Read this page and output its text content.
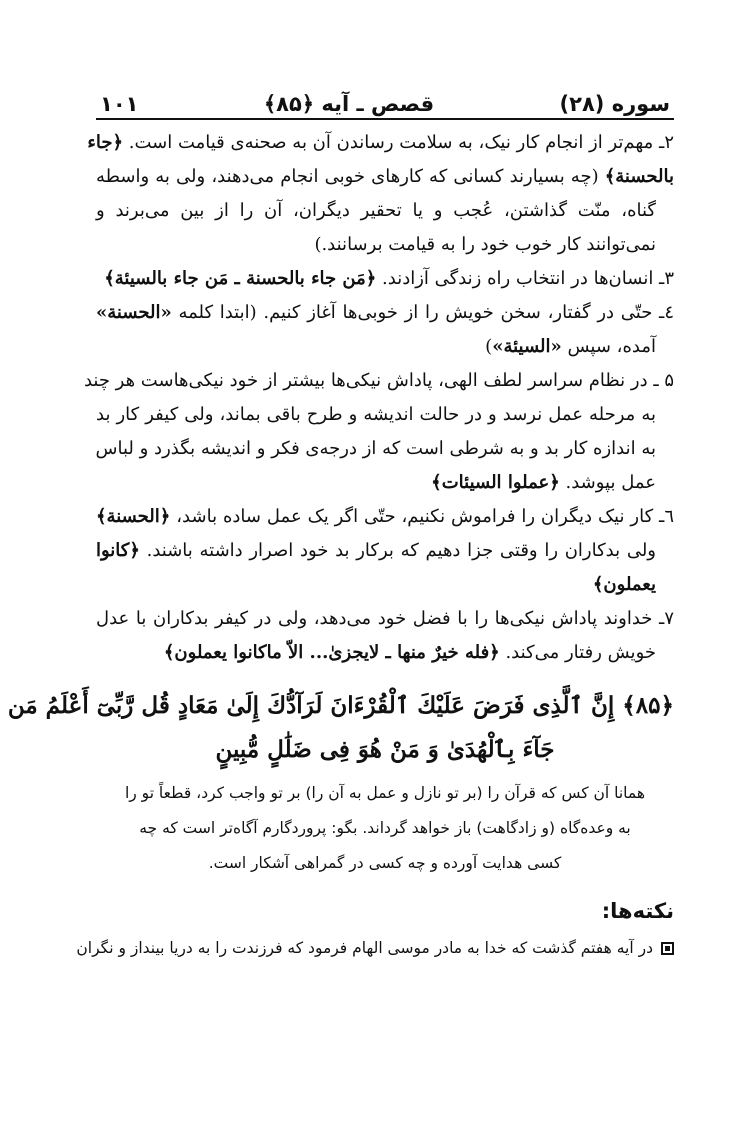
سوره (۲۸)
قصص ـ آیه ﴿۸۵﴾
۱۰۱
۲ـ مهم‌تر از انجام کار نیک، به سلامت رساندن آن به صحنه‌ی قیامت است. ﴿جاء
بالحسنة﴾ (چه بسیارند کسانی که کارهای خوبی انجام می‌دهند، ولی به واسطه
گناه، منّت گذاشتن، عُجب و یا تحقیر دیگران، آن را از بین می‌برند و
نمی‌توانند کار خوب خود را به قیامت برسانند.)
۳ـ انسان‌ها در انتخاب راه زندگی آزادند. ﴿مَن جاء بالحسنة ـ مَن جاء بالسیئة﴾
٤ـ حتّی در گفتار، سخن خویش را از خوبی‌ها آغاز کنیم. (ابتدا کلمه «الحسنة»
آمده، سپس «السیئة»)
۵ ـ در نظام سراسر لطف الهی، پاداش نیکی‌ها بیشتر از خود نیکی‌هاست هر چند
به مرحله عمل نرسد و در حالت اندیشه و طرح باقی بماند، ولی کیفر کار بد
به اندازه کار بد و به شرطی است که از درجه‌ی فکر و اندیشه بگذرد و لباس
عمل بپوشد. ﴿عملوا السیئات﴾
٦ـ کار نیک دیگران را فراموش نکنیم، حتّی اگر یک عمل ساده باشد، ﴿الحسنة﴾
ولی بدکاران را وقتی جزا دهیم که برکار بد خود اصرار داشته باشند. ﴿کانوا
یعملون﴾
۷ـ خداوند پاداش نیکی‌ها را با فضل خود می‌دهد، ولی در کیفر بدکاران با عدل
خویش رفتار می‌کند. ﴿فله خیرٌ منها ـ لایجزیٰ... الاّ ماکانوا یعملون﴾
﴿۸۵﴾ إِنَّ ٱلَّذِى فَرَضَ عَلَيْكَ ٱلْقُرْءَانَ لَرَآدُّكَ إِلَىٰ مَعَادٍ قُل رَّبِّىٓ أَعْلَمُ مَن
جَآءَ بِٱلْهُدَىٰ وَ مَنْ هُوَ فِى ضَلَٰلٍ مُّبِينٍ
همانا آن کس که قرآن را (بر تو نازل و عمل به آن را) بر تو واجب کرد، قطعاً تو را
به وعده‌گاه (و زادگاهت) باز خواهد گرداند. بگو: پروردگارم آگاه‌تر است که چه
کسی هدایت آورده و چه کسی در گمراهی آشکار است.
نکته‌ها:
در آیه هفتم گذشت که خدا به مادر موسی الهام فرمود که فرزندت را به دریا بینداز و نگران
